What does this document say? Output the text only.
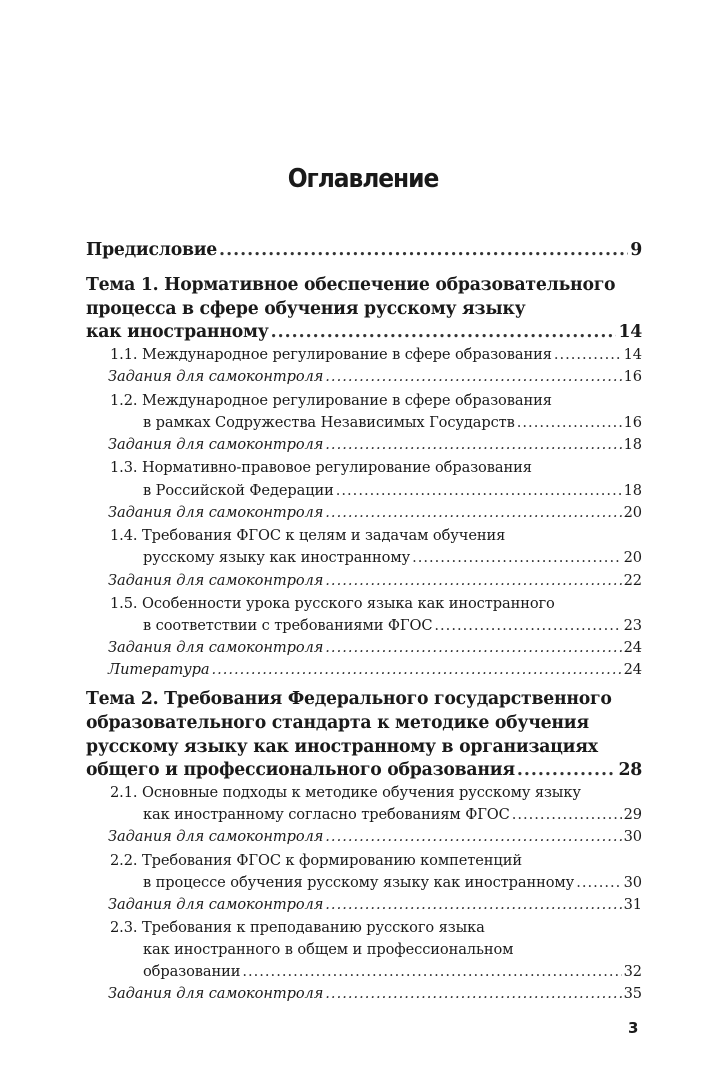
Оглавление
Предисловие .....	9
Тема 1. Нормативное обеспечение образовательного
процесса в сфере обучения русскому языку
как иностранному .....	14
1.1. Международное регулирование в сфере образования .....	14
Задания для самоконтроля .....	16
1.2. Международное регулирование в сфере образования
в рамках Содружества Независимых Государств .....	16
Задания для самоконтроля .....	18
1.3. Нормативно-правовое регулирование образования
в Российской Федерации .....	18
Задания для самоконтроля .....	20
1.4. Требования ФГОС к целям и задачам обучения
русскому языку как иностранному .....	20
Задания для самоконтроля .....	22
1.5. Особенности урока русского языка как иностранного
в соответствии с требованиями ФГОС .....	23
Задания для самоконтроля .....	24
Литература .....	24
Тема 2. Требования Федерального государственного
образовательного стандарта к методике обучения
русскому языку как иностранному в организациях
общего и профессионального образования .....	28
2.1. Основные подходы к методике обучения русскому языку
как иностранному согласно требованиям ФГОС .....	29
Задания для самоконтроля .....	30
2.2. Требования ФГОС к формированию компетенций
в процессе обучения русскому языку как иностранному .....	30
Задания для самоконтроля .....	31
2.3. Требования к преподаванию русского языка
как иностранного в общем и профессиональном
образовании .....	32
Задания для самоконтроля .....	35
3
